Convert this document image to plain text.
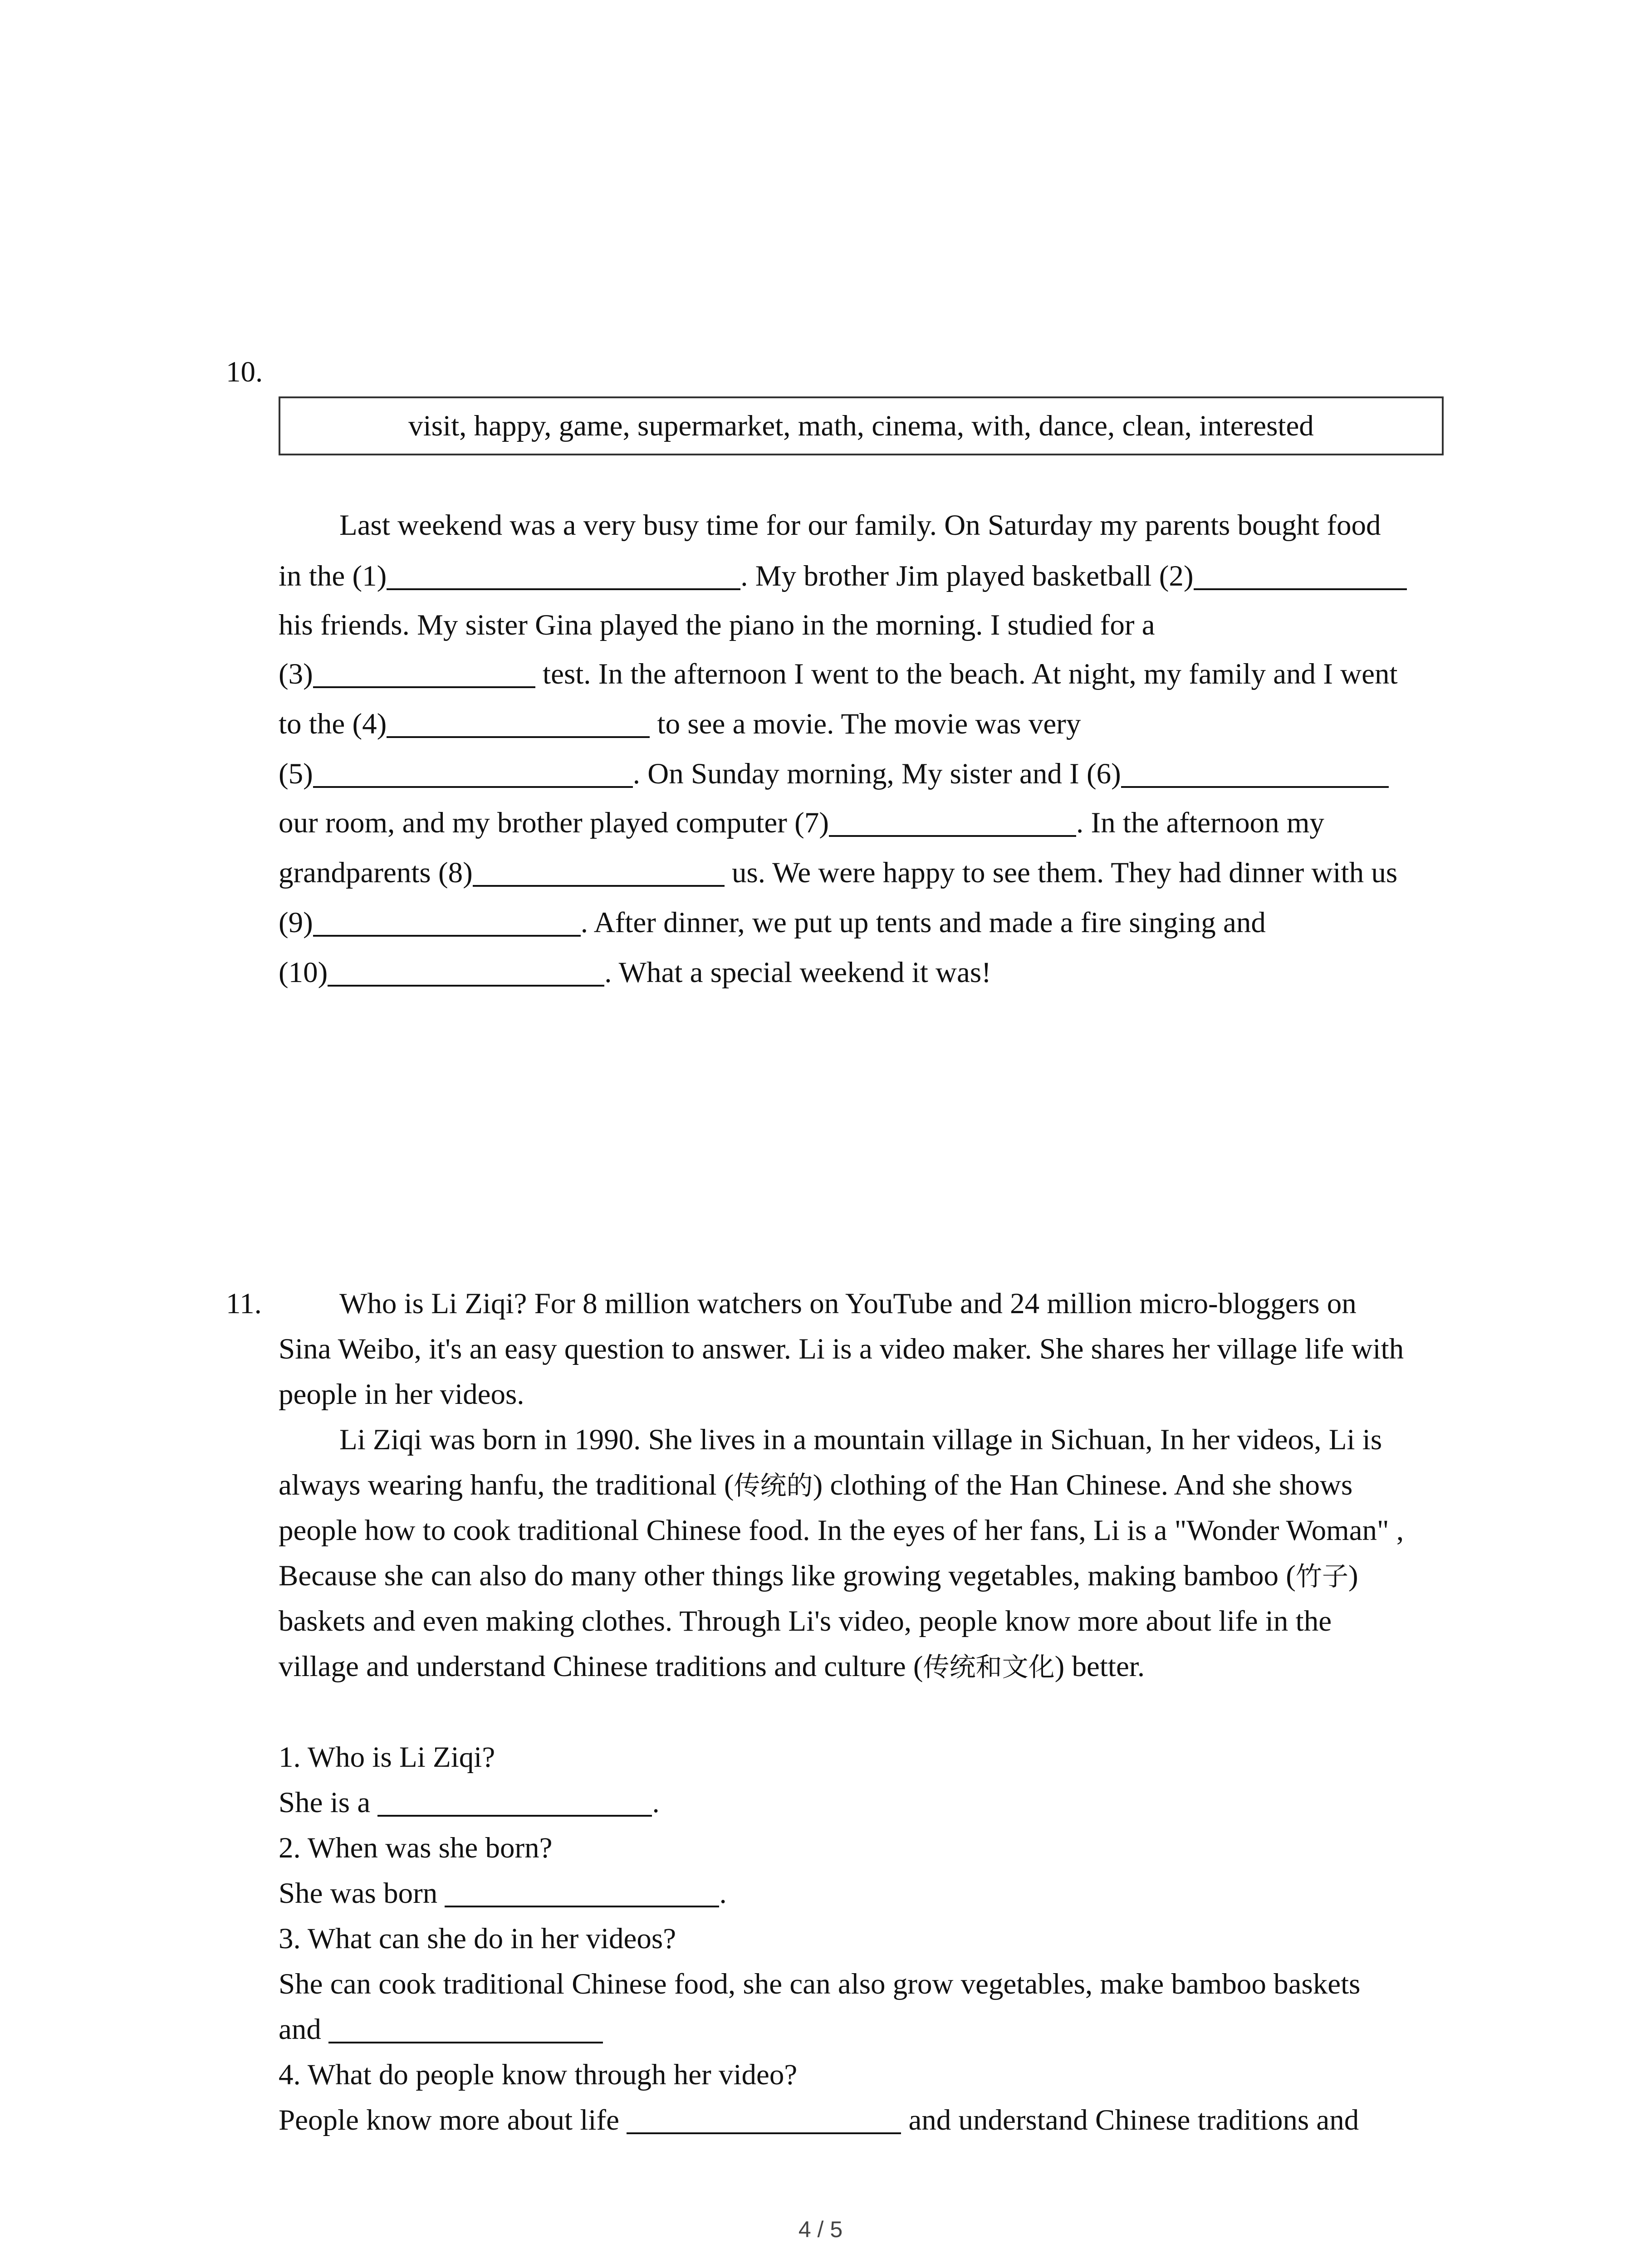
10.
visit, happy, game, supermarket, math, cinema, with, dance, clean, interested
Last weekend was a very busy time for our family. On Saturday my parents bought food
in the (1)	. My brother Jim played basketball (2)
his friends. My sister Gina played the piano in the morning. I studied for a
(3)	test. In the afternoon I went to the beach. At night, my family and I went
to the (4)	to see a movie. The movie was very
(5)	. On Sunday morning, My sister and I (6)
our room, and my brother played computer (7)	. In the afternoon my
grandparents (8)	us. We were happy to see them. They had dinner with us
(9)	. After dinner, we put up tents and made a fire singing and
(10)	. What a special weekend it was!
11.	Who is Li Ziqi? For 8 million watchers on YouTube and 24 million micro-bloggers on
Sina Weibo, it's an easy question to answer. Li is a video maker. She shares her village life with
people in her videos.
Li Ziqi was born in 1990. She lives in a mountain village in Sichuan, In her videos, Li is
always wearing hanfu, the traditional (传统的) clothing of the Han Chinese. And she shows
people how to cook traditional Chinese food. In the eyes of her fans, Li is a "Wonder Woman" ,
Because she can also do many other things like growing vegetables, making bamboo (竹子)
baskets and even making clothes. Through Li's video, people know more about life in the
village and understand Chinese traditions and culture (传统和文化) better.
1. Who is Li Ziqi?
She is a	.
2. When was she born?
She was born	.
3. What can she do in her videos?
She can cook traditional Chinese food, she can also grow vegetables, make bamboo baskets
and
4. What do people know through her video?
People know more about life	and understand Chinese traditions and
4 / 5
